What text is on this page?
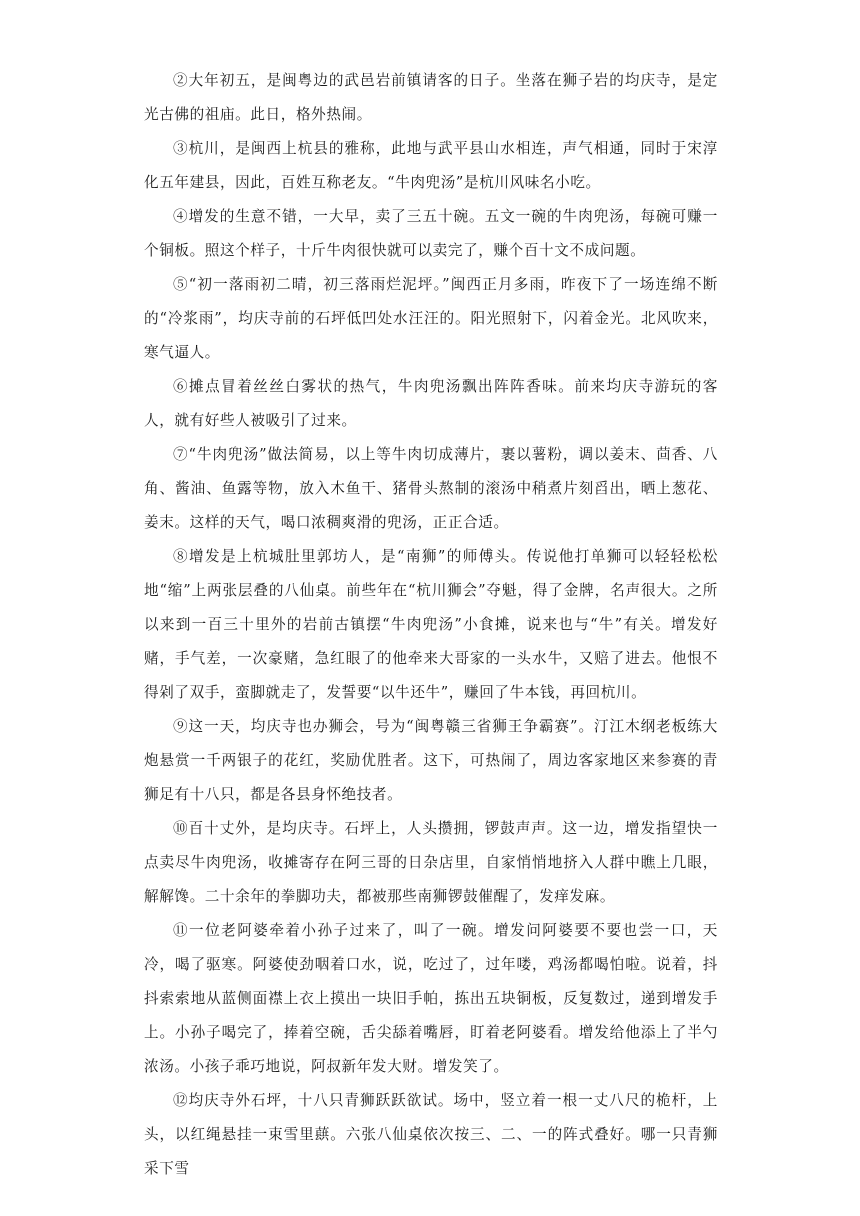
②大年初五，是闽粤边的武邑岩前镇请客的日子。坐落在狮子岩的均庆寺，是定光古佛的祖庙。此日，格外热闹。

③杭川，是闽西上杭县的雅称，此地与武平县山水相连，声气相通，同时于宋淳化五年建县，因此，百姓互称老友。“牛肉兜汤”是杭川风味名小吃。

④增发的生意不错，一大早，卖了三五十碗。五文一碗的牛肉兜汤，每碗可赚一个铜板。照这个样子，十斤牛肉很快就可以卖完了，赚个百十文不成问题。

⑤“初一落雨初二晴，初三落雨烂泥坪。”闽西正月多雨，昨夜下了一场连绵不断的“冷浆雨”，均庆寺前的石坪低凹处水汪汪的。阳光照射下，闪着金光。北风吹来，寒气逼人。

⑥摊点冒着丝丝白雾状的热气，牛肉兜汤飘出阵阵香味。前来均庆寺游玩的客人，就有好些人被吸引了过来。

⑦“牛肉兜汤”做法简易，以上等牛肉切成薄片，裹以薯粉，调以姜末、茴香、八角、酱油、鱼露等物，放入木鱼干、猪骨头熬制的滚汤中稍煮片刻舀出，晒上葱花、姜末。这样的天气，喝口浓稠爽滑的兜汤，正正合适。

⑧增发是上杭城肚里郭坊人，是“南狮”的师傅头。传说他打单狮可以轻轻松松地“缩”上两张层叠的八仙桌。前些年在“杭川狮会”夺魁，得了金牌，名声很大。之所以来到一百三十里外的岩前古镇摆“牛肉兜汤”小食摊，说来也与“牛”有关。增发好赌，手气差，一次豪赌，急红眼了的他牵来大哥家的一头水牛，又赔了进去。他恨不得剁了双手，蛮脚就走了，发誓要“以牛还牛”，赚回了牛本钱，再回杭川。

⑨这一天，均庆寺也办狮会，号为“闽粤赣三省狮王争霸赛”。汀江木纲老板练大炮悬赏一千两银子的花红，奖励优胜者。这下，可热闹了，周边客家地区来参赛的青狮足有十八只，都是各县身怀绝技者。

⑩百十丈外，是均庆寺。石坪上，人头攒拥，锣鼓声声。这一边，增发指望快一点卖尽牛肉兜汤，收摊寄存在阿三哥的日杂店里，自家悄悄地挤入人群中瞧上几眼，解解馋。二十余年的拳脚功夫，都被那些南狮锣鼓催醒了，发痒发麻。

⑪一位老阿婆牵着小孙子过来了，叫了一碗。增发问阿婆要不要也尝一口，天冷，喝了驱寒。阿婆使劲咽着口水，说，吃过了，过年喽，鸡汤都喝怕啦。说着，抖抖索索地从蓝侧面襟上衣上摸出一块旧手帕，拣出五块铜板，反复数过，递到增发手上。小孙子喝完了，捧着空碗，舌尖舔着嘴唇，盯着老阿婆看。增发给他添上了半勺浓汤。小孩子乖巧地说，阿叔新年发大财。增发笑了。

⑫均庆寺外石坪，十八只青狮跃跃欲试。场中，竖立着一根一丈八尺的桅杆，上头，以红绳悬挂一束雪里蕻。六张八仙桌依次按三、二、一的阵式叠好。哪一只青狮采下雪
